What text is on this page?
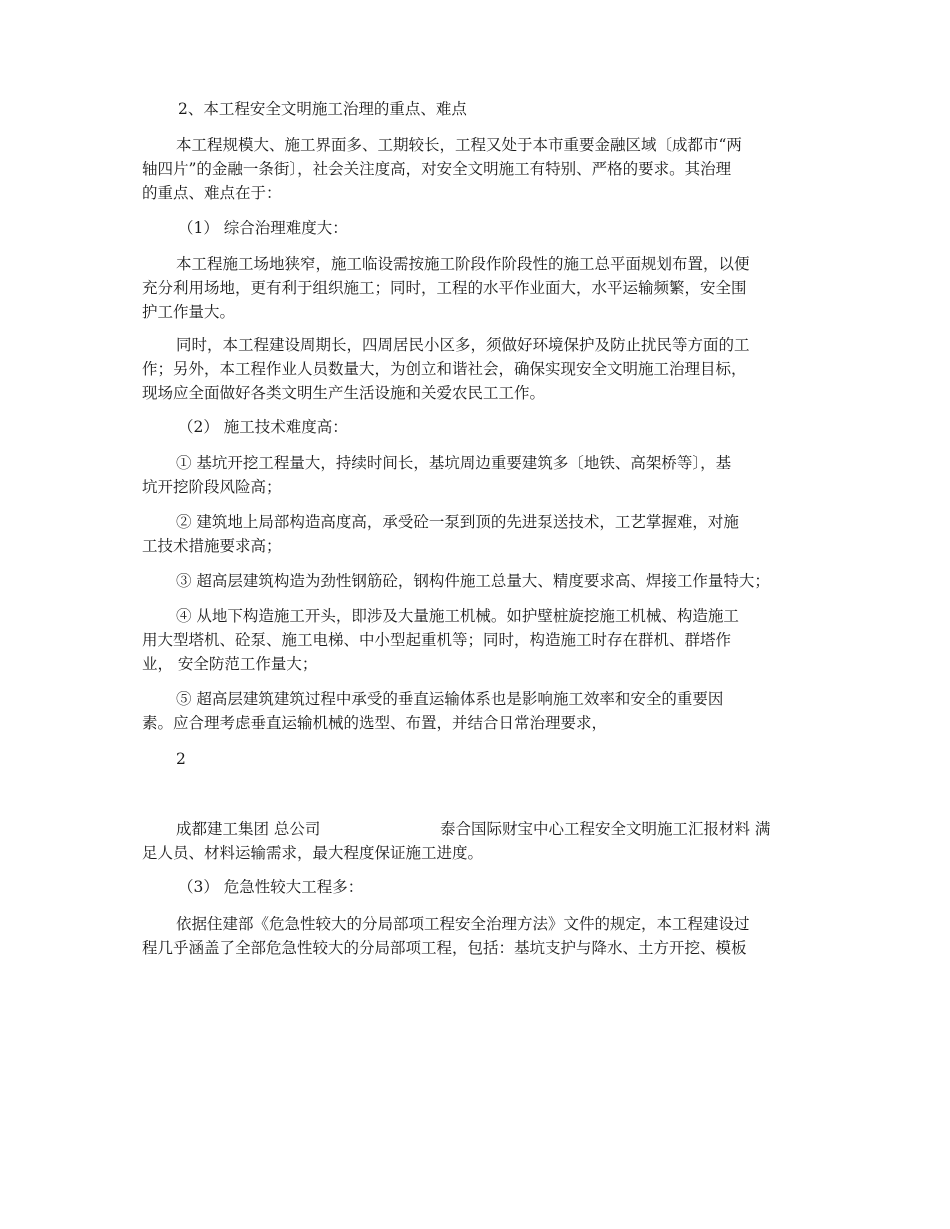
2、本工程安全文明施工治理的重点、难点
本工程规模大、施工界面多、工期较长，工程又处于本市重要金融区域〔成都市“两
轴四片”的金融一条街〕，社会关注度高，对安全文明施工有特别、严格的要求。其治理
的重点、难点在于：
（1） 综合治理难度大：
本工程施工场地狭窄，施工临设需按施工阶段作阶段性的施工总平面规划布置，以便
充分利用场地，更有利于组织施工；同时，工程的水平作业面大，水平运输频繁，安全围
护工作量大。
同时，本工程建设周期长，四周居民小区多，须做好环境保护及防止扰民等方面的工
作；另外，本工程作业人员数量大，为创立和谐社会，确保实现安全文明施工治理目标，
现场应全面做好各类文明生产生活设施和关爱农民工工作。
（2） 施工技术难度高：
① 基坑开挖工程量大，持续时间长，基坑周边重要建筑多〔地铁、高架桥等〕，基
坑开挖阶段风险高；
② 建筑地上局部构造高度高，承受砼一泵到顶的先进泵送技术，工艺掌握难，对施
工技术措施要求高；
③ 超高层建筑构造为劲性钢筋砼，钢构件施工总量大、精度要求高、焊接工作量特大；
④ 从地下构造施工开头，即涉及大量施工机械。如护壁桩旋挖施工机械、构造施工
用大型塔机、砼泵、施工电梯、中小型起重机等；同时，构造施工时存在群机、群塔作
业， 安全防范工作量大；
⑤ 超高层建筑建筑过程中承受的垂直运输体系也是影响施工效率和安全的重要因
素。应合理考虑垂直运输机械的选型、布置，并结合日常治理要求，
2
成都建工集团 总公司	泰合国际财宝中心工程安全文明施工汇报材料 满
足人员、材料运输需求，最大程度保证施工进度。
（3） 危急性较大工程多：
依据住建部《危急性较大的分局部项工程安全治理方法》文件的规定，本工程建设过
程几乎涵盖了全部危急性较大的分局部项工程，包括：基坑支护与降水、土方开挖、模板
